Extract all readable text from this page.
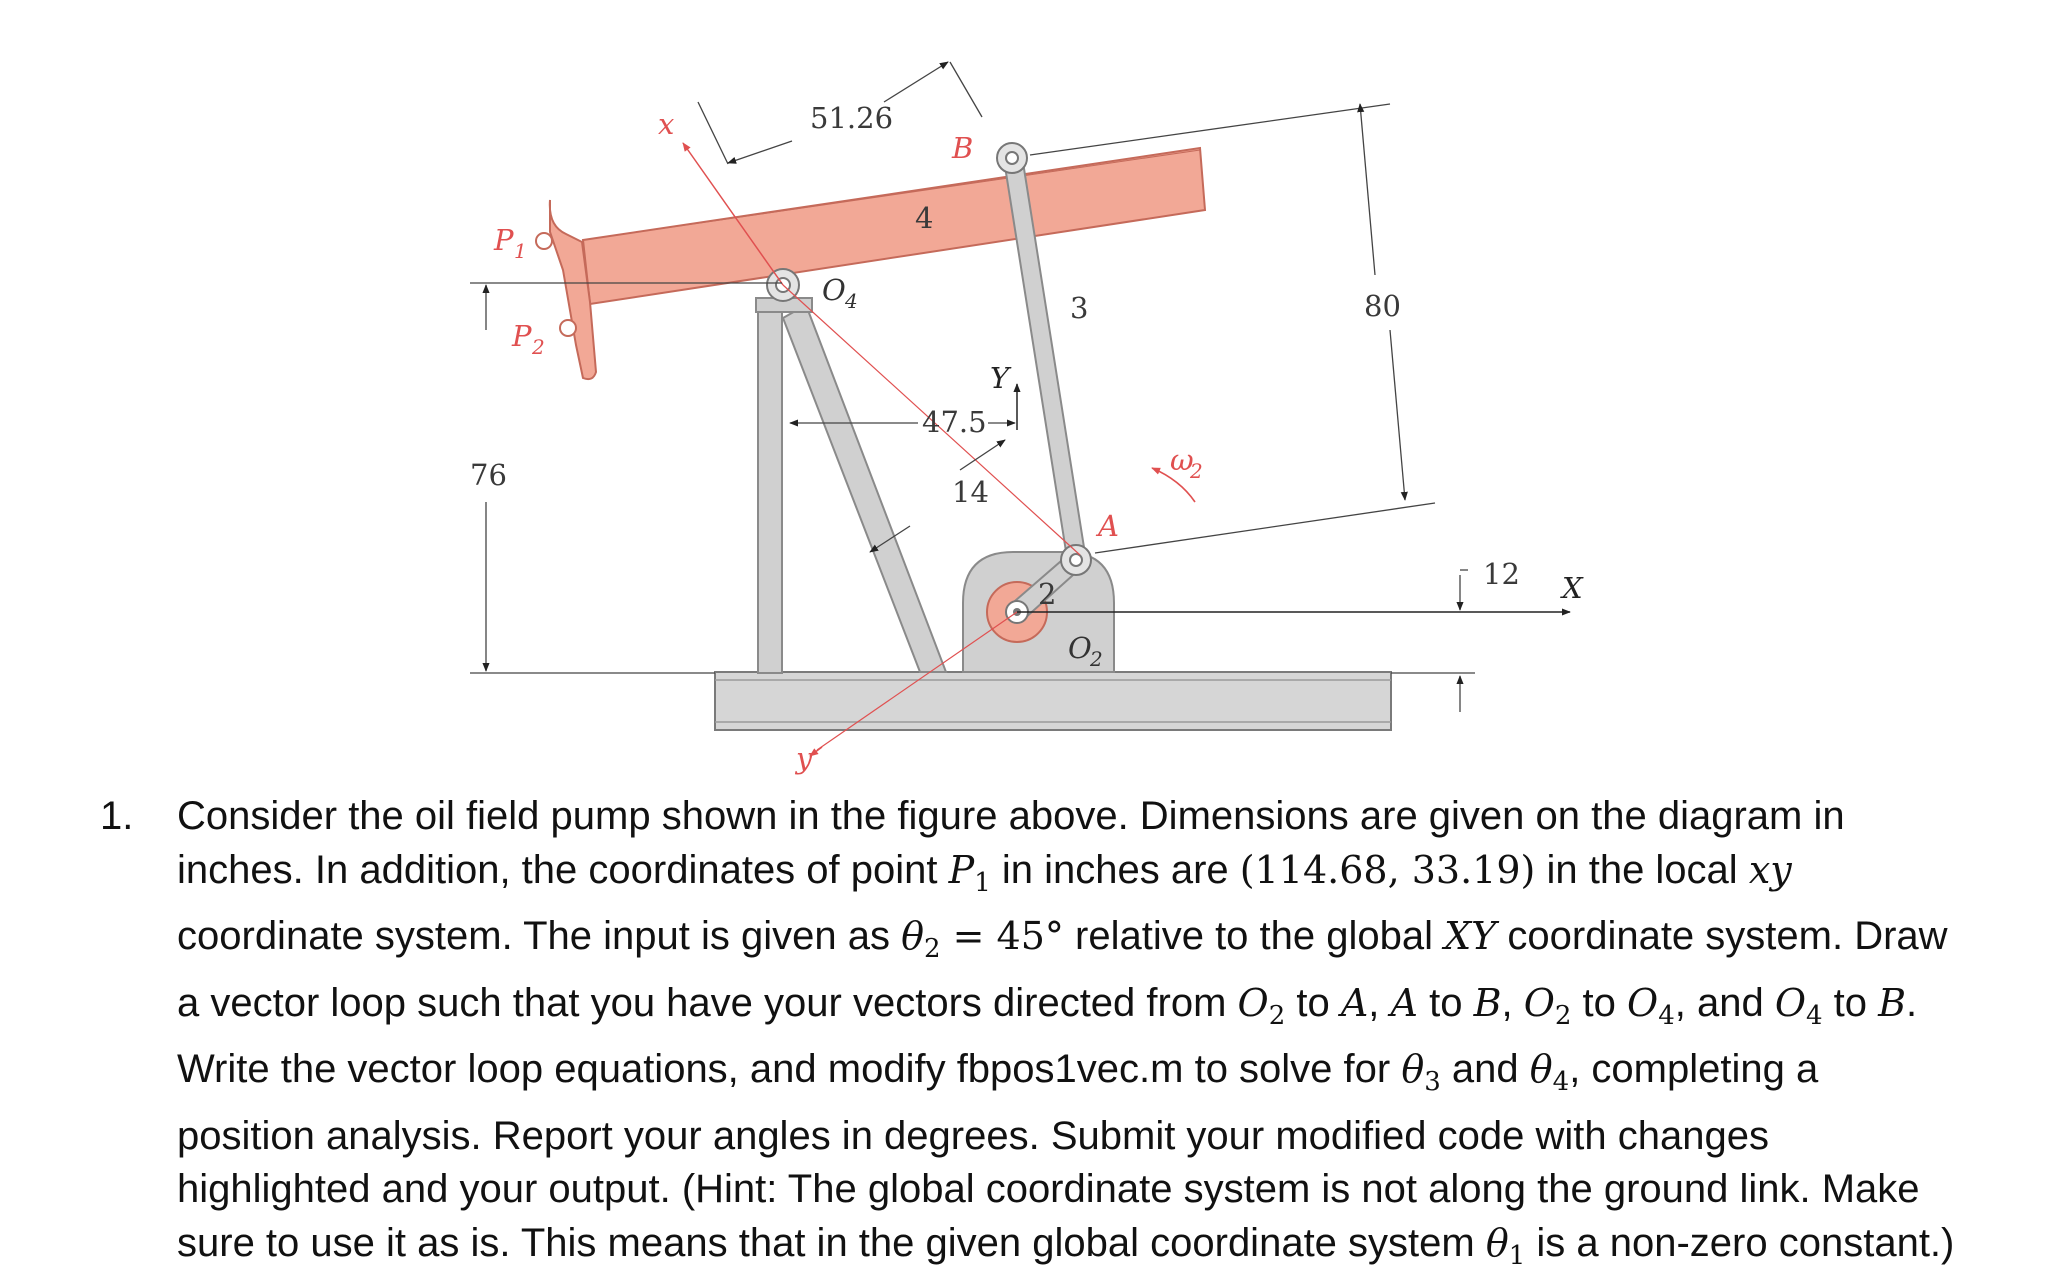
51.26
80
76
47.5
14
12
4
3
2
B
A
O 4
O
2
P 1
P 2
X
Y
x
y
ω
2
1.	Consider the oil field pump shown in the figure above. Dimensions are given on the diagram in
inches. In addition, the coordinates of point $P_1$ in inches are (114.68, 33.19) in the local xy
coordinate system. The input is given as $\theta_2 = 45^\circ$ relative to the global XY coordinate system. Draw
a vector loop such that you have your vectors directed from $O_2$ to A, A to B, $O_2$ to $O_4$, and $O_4$ to B.
Write the vector loop equations, and modify fbpos1vec.m to solve for $\theta_3$ and $\theta_4$, completing a
position analysis. Report your angles in degrees. Submit your modified code with changes
highlighted and your output. (Hint: The global coordinate system is not along the ground link. Make
sure to use it as is. This means that in the given global coordinate system $\theta_1$ is a non-zero constant.)
